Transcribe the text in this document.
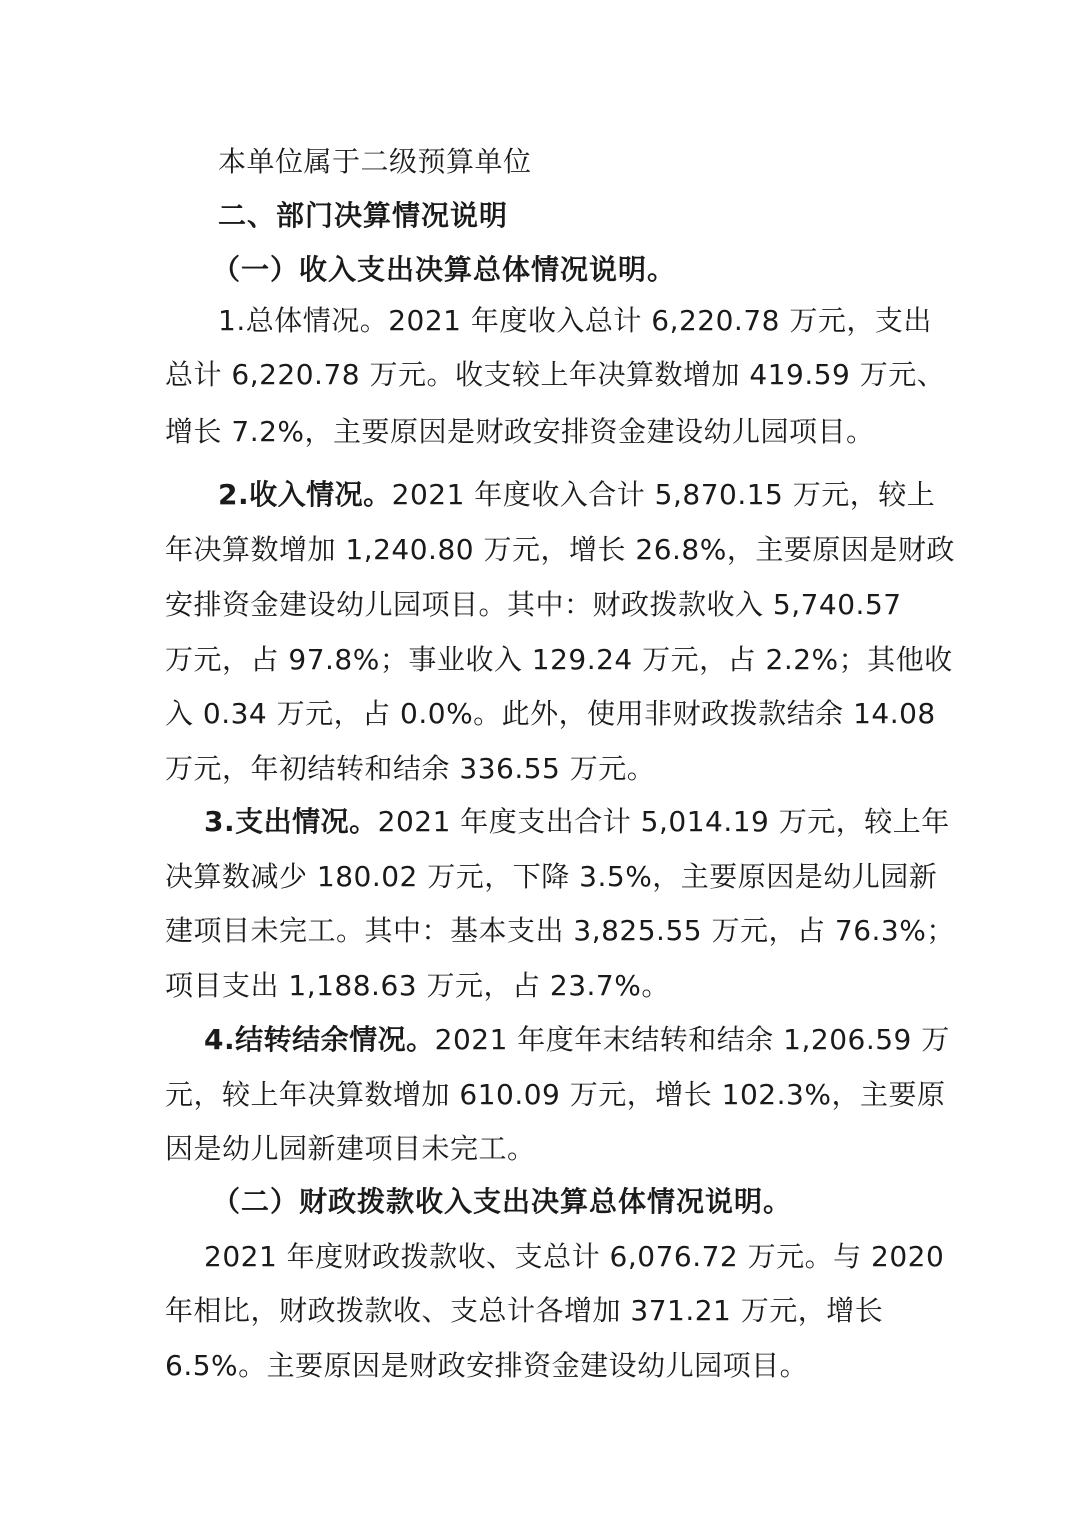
本单位属于二级预算单位
二、部门决算情况说明
（一）收入支出决算总体情况说明。
1.总体情况。2021 年度收入总计 6,220.78 万元，支出
总计 6,220.78 万元。收支较上年决算数增加 419.59 万元、
增长 7.2%，主要原因是财政安排资金建设幼儿园项目。
2.收入情况。2021 年度收入合计 5,870.15 万元，较上
年决算数增加 1,240.80 万元，增长 26.8%，主要原因是财政
安排资金建设幼儿园项目。其中：财政拨款收入 5,740.57
万元，占 97.8%；事业收入 129.24 万元，占 2.2%；其他收
入 0.34 万元，占 0.0%。此外，使用非财政拨款结余 14.08
万元，年初结转和结余 336.55 万元。
3.支出情况。2021 年度支出合计 5,014.19 万元，较上年
决算数减少 180.02 万元，下降 3.5%，主要原因是幼儿园新
建项目未完工。其中：基本支出 3,825.55 万元，占 76.3%；
项目支出 1,188.63 万元，占 23.7%。
4.结转结余情况。2021 年度年末结转和结余 1,206.59 万
元，较上年决算数增加 610.09 万元，增长 102.3%，主要原
因是幼儿园新建项目未完工。
（二）财政拨款收入支出决算总体情况说明。
2021 年度财政拨款收、支总计 6,076.72 万元。与 2020
年相比，财政拨款收、支总计各增加 371.21 万元，增长
6.5%。主要原因是财政安排资金建设幼儿园项目。
